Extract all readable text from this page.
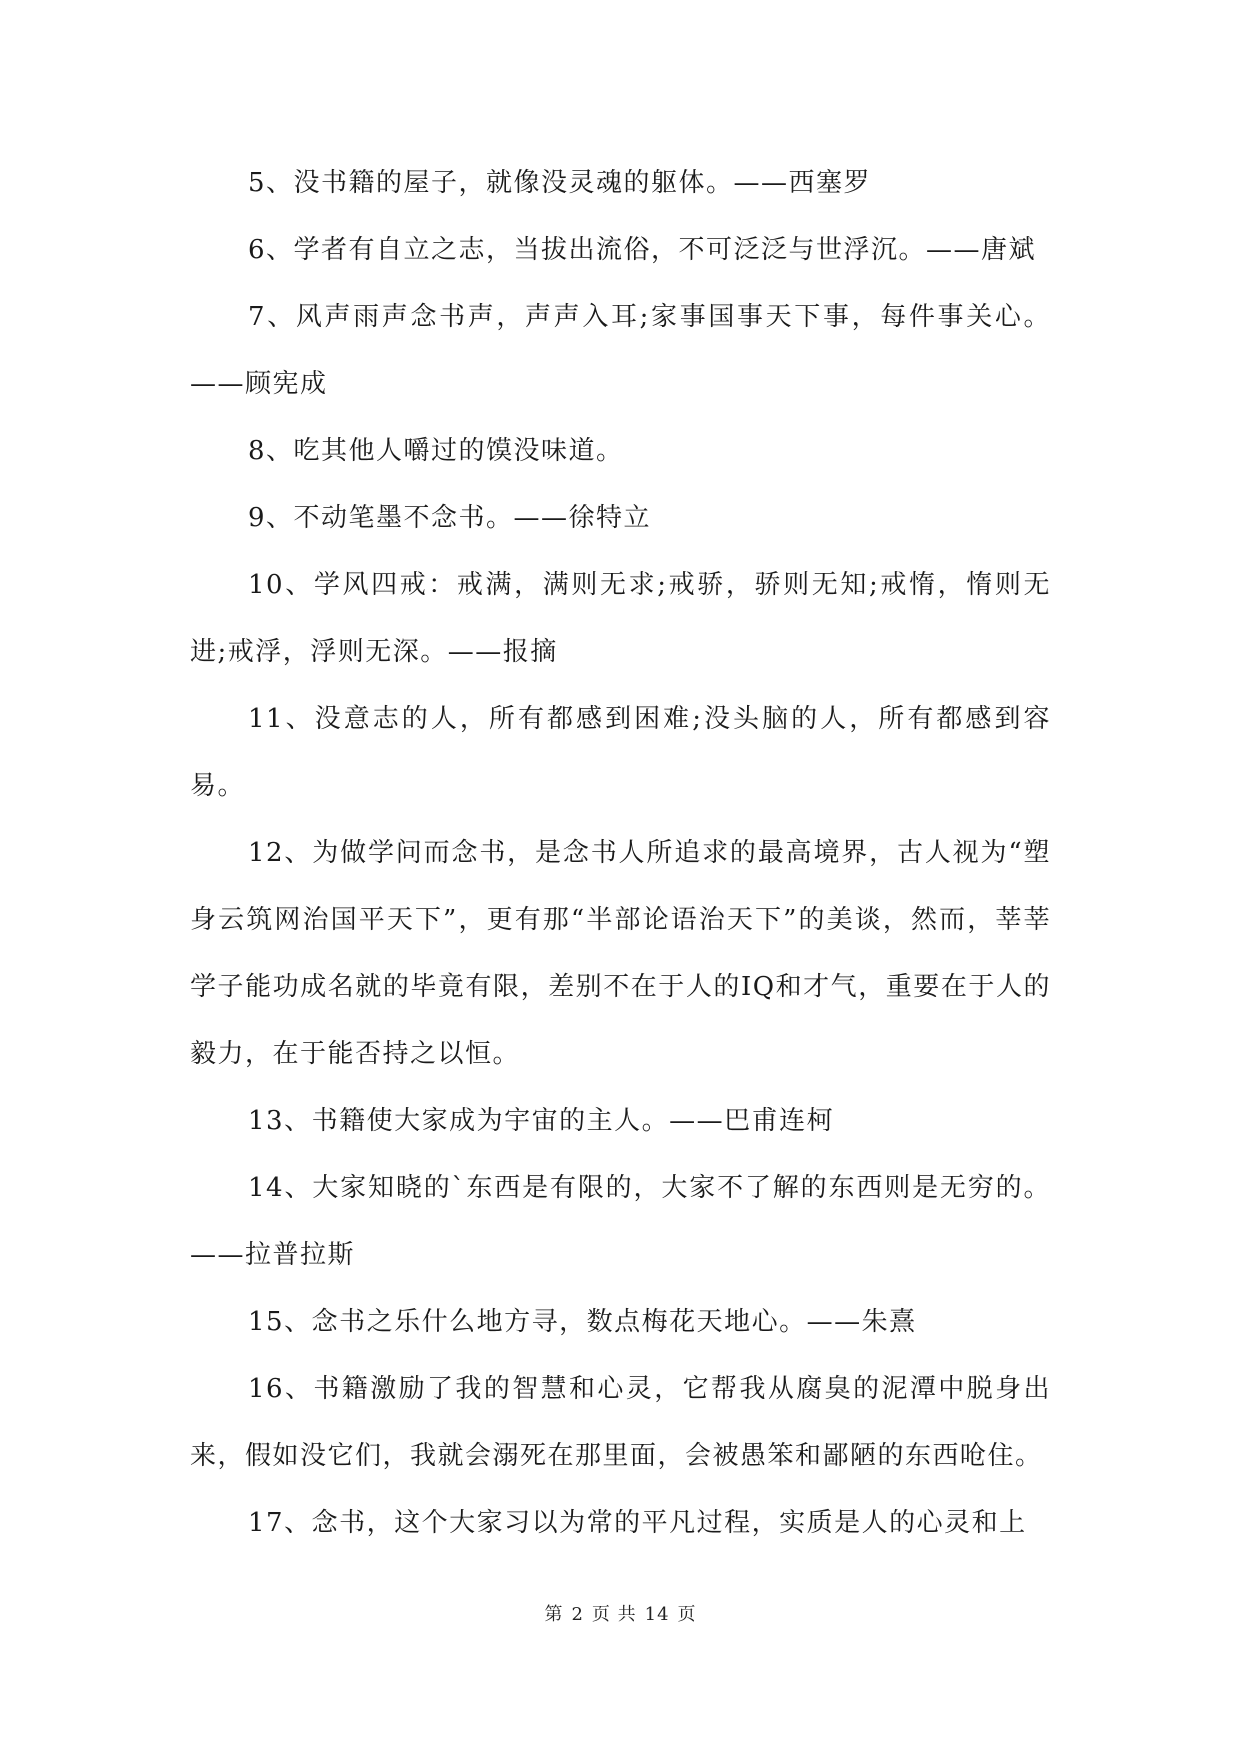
5、没书籍的屋子，就像没灵魂的躯体。——西塞罗

6、学者有自立之志，当拔出流俗，不可泛泛与世浮沉。——唐斌

7、风声雨声念书声，声声入耳;家事国事天下事，每件事关心。——顾宪成

8、吃其他人嚼过的馍没味道。

9、不动笔墨不念书。——徐特立

10、学风四戒：戒满，满则无求;戒骄，骄则无知;戒惰，惰则无进;戒浮，浮则无深。——报摘

11、没意志的人，所有都感到困难;没头脑的人，所有都感到容易。

12、为做学问而念书，是念书人所追求的最高境界，古人视为“塑身云筑网治国平天下”，更有那“半部论语治天下”的美谈，然而，莘莘学子能功成名就的毕竟有限，差别不在于人的IQ和才气，重要在于人的毅力，在于能否持之以恒。

13、书籍使大家成为宇宙的主人。——巴甫连柯

14、大家知晓的`东西是有限的，大家不了解的东西则是无穷的。——拉普拉斯

15、念书之乐什么地方寻，数点梅花天地心。——朱熹

16、书籍激励了我的智慧和心灵，它帮我从腐臭的泥潭中脱身出来，假如没它们，我就会溺死在那里面，会被愚笨和鄙陋的东西呛住。

17、念书，这个大家习以为常的平凡过程，实质是人的心灵和上

第 2 页 共 14 页
